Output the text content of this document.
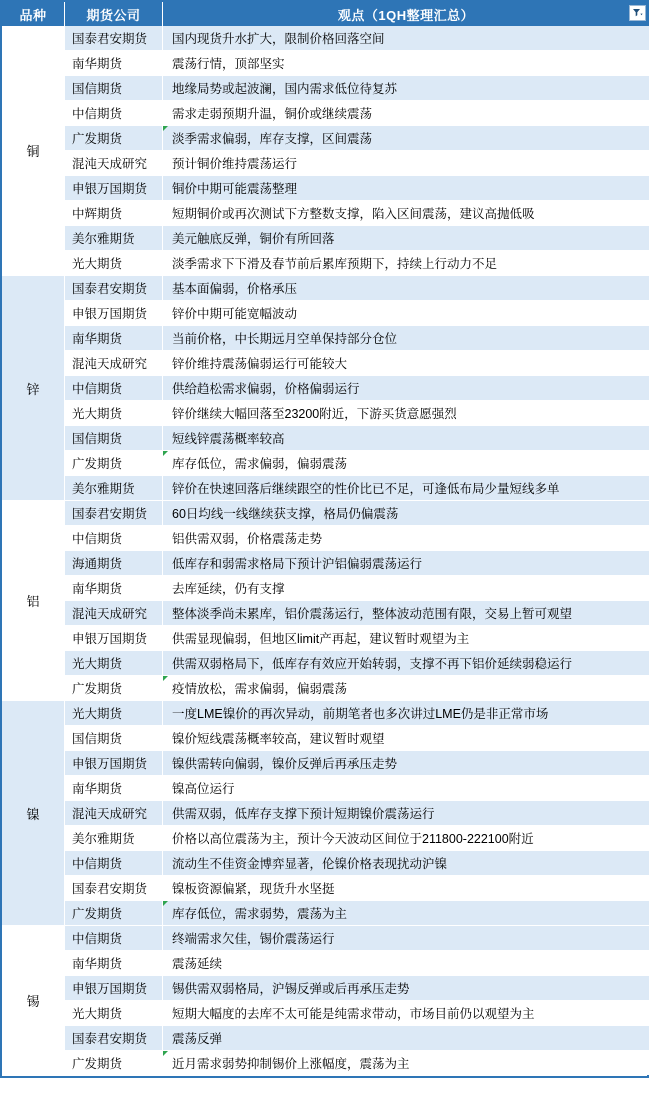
品种	期货公司	观点（1QH整理汇总）

铜	国泰君安期货	国内现货升水扩大，限制价格回落空间
	南华期货	震荡行情，顶部坚实
	国信期货	地缘局势或起波澜，国内需求低位待复苏
	中信期货	需求走弱预期升温，铜价或继续震荡
	广发期货	淡季需求偏弱，库存支撑，区间震荡
	混沌天成研究	预计铜价维持震荡运行
	申银万国期货	铜价中期可能震荡整理
	中辉期货	短期铜价或再次测试下方整数支撑，陷入区间震荡，建议高抛低吸
	美尔雅期货	美元触底反弹，铜价有所回落
	光大期货	淡季需求下下滑及春节前后累库预期下，持续上行动力不足
锌	国泰君安期货	基本面偏弱，价格承压
	申银万国期货	锌价中期可能宽幅波动
	南华期货	当前价格，中长期远月空单保持部分仓位
	混沌天成研究	锌价维持震荡偏弱运行可能较大
	中信期货	供给趋松需求偏弱，价格偏弱运行
	光大期货	锌价继续大幅回落至23200附近，下游买货意愿强烈
	国信期货	短线锌震荡概率较高
	广发期货	库存低位，需求偏弱，偏弱震荡
	美尔雅期货	锌价在快速回落后继续跟空的性价比已不足，可逢低布局少量短线多单
铝	国泰君安期货	60日均线一线继续获支撑，格局仍偏震荡
	中信期货	铝供需双弱，价格震荡走势
	海通期货	低库存和弱需求格局下预计沪铝偏弱震荡运行
	南华期货	去库延续，仍有支撑
	混沌天成研究	整体淡季尚未累库，铝价震荡运行，整体波动范围有限，交易上暂可观望
	申银万国期货	供需显现偏弱，但地区limit产再起，建议暂时观望为主
	光大期货	供需双弱格局下，低库存有效应开始转弱，支撑不再下铝价延续弱稳运行
	广发期货	疫情放松，需求偏弱，偏弱震荡
镍	光大期货	一度LME镍价的再次异动，前期笔者也多次讲过LME仍是非正常市场
	国信期货	镍价短线震荡概率较高，建议暂时观望
	申银万国期货	镍供需转向偏弱，镍价反弹后再承压走势
	南华期货	镍高位运行
	混沌天成研究	供需双弱，低库存支撑下预计短期镍价震荡运行
	美尔雅期货	价格以高位震荡为主，预计今天波动区间位于211800-222100附近
	中信期货	流动生不佳资金博弈显著，伦镍价格表现扰动沪镍
	国泰君安期货	镍板资源偏紧，现货升水坚挺
	广发期货	库存低位，需求弱势，震荡为主
锡	中信期货	终端需求欠佳，锡价震荡运行
	南华期货	震荡延续
	申银万国期货	锡供需双弱格局，沪锡反弹或后再承压走势
	光大期货	短期大幅度的去库不太可能是纯需求带动，市场目前仍以观望为主
	国泰君安期货	震荡反弹
	广发期货	近月需求弱势抑制锡价上涨幅度，震荡为主
